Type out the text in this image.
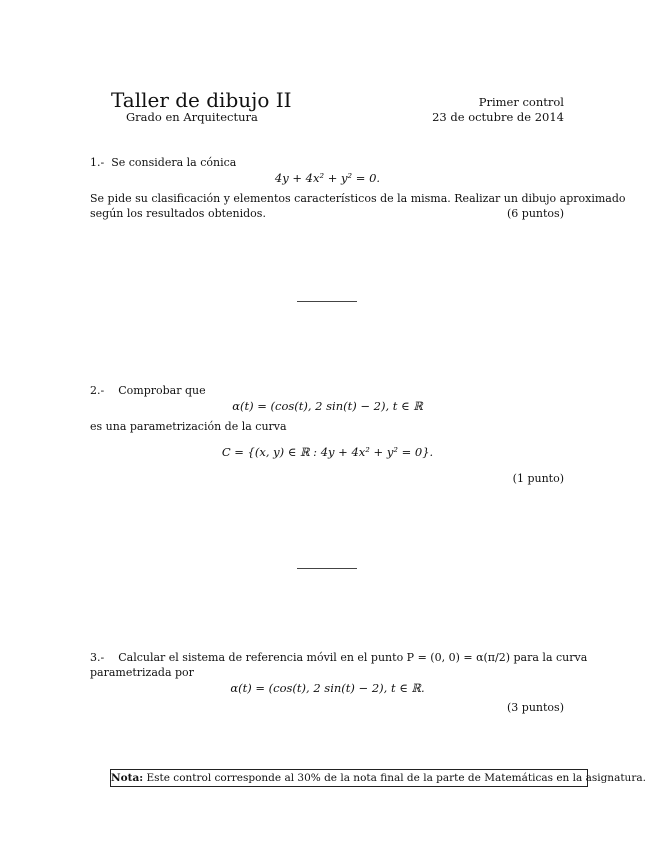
Taller de dibujo II
Grado en Arquitectura
Primer control
23 de octubre de 2014
1.- Se considera la cónica
4y + 4x² + y² = 0.
Se pide su clasificación y elementos característicos de la misma. Realizar un dibujo aproximado
según los resultados obtenidos.	(6 puntos)
2.- Comprobar que
α(t) = (cos(t), 2 sin(t) − 2), t ∈ ℝ
es una parametrización de la curva
C = {(x, y) ∈ ℝ : 4y + 4x² + y² = 0}.
(1 punto)
3.- Calcular el sistema de referencia móvil en el punto P = (0, 0) = α(π/2) para la curva
parametrizada por
α(t) = (cos(t), 2 sin(t) − 2), t ∈ ℝ.
(3 puntos)
Nota: Este control corresponde al 30% de la nota final de la parte de Matemáticas en la asignatura.
